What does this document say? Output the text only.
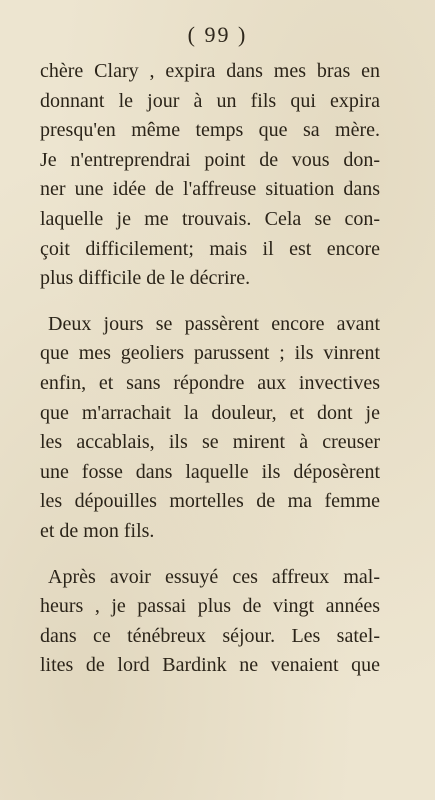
( 99 )
chère Clary , expira dans mes bras en
donnant le jour à un fils qui expira
presqu'en même temps que sa mère.
Je n'entreprendrai point de vous don-
ner une idée de l'affreuse situation dans
laquelle je me trouvais. Cela se con-
çoit difficilement; mais il est encore
plus difficile de le décrire.
Deux jours se passèrent encore avant
que mes geoliers parussent ; ils vinrent
enfin, et sans répondre aux invectives
que m'arrachait la douleur, et dont je
les accablais, ils se mirent à creuser
une fosse dans laquelle ils déposèrent
les dépouilles mortelles de ma femme
et de mon fils.
Après avoir essuyé ces affreux mal-
heurs , je passai plus de vingt années
dans ce ténébreux séjour. Les satel-
lites de lord Bardink ne venaient que
